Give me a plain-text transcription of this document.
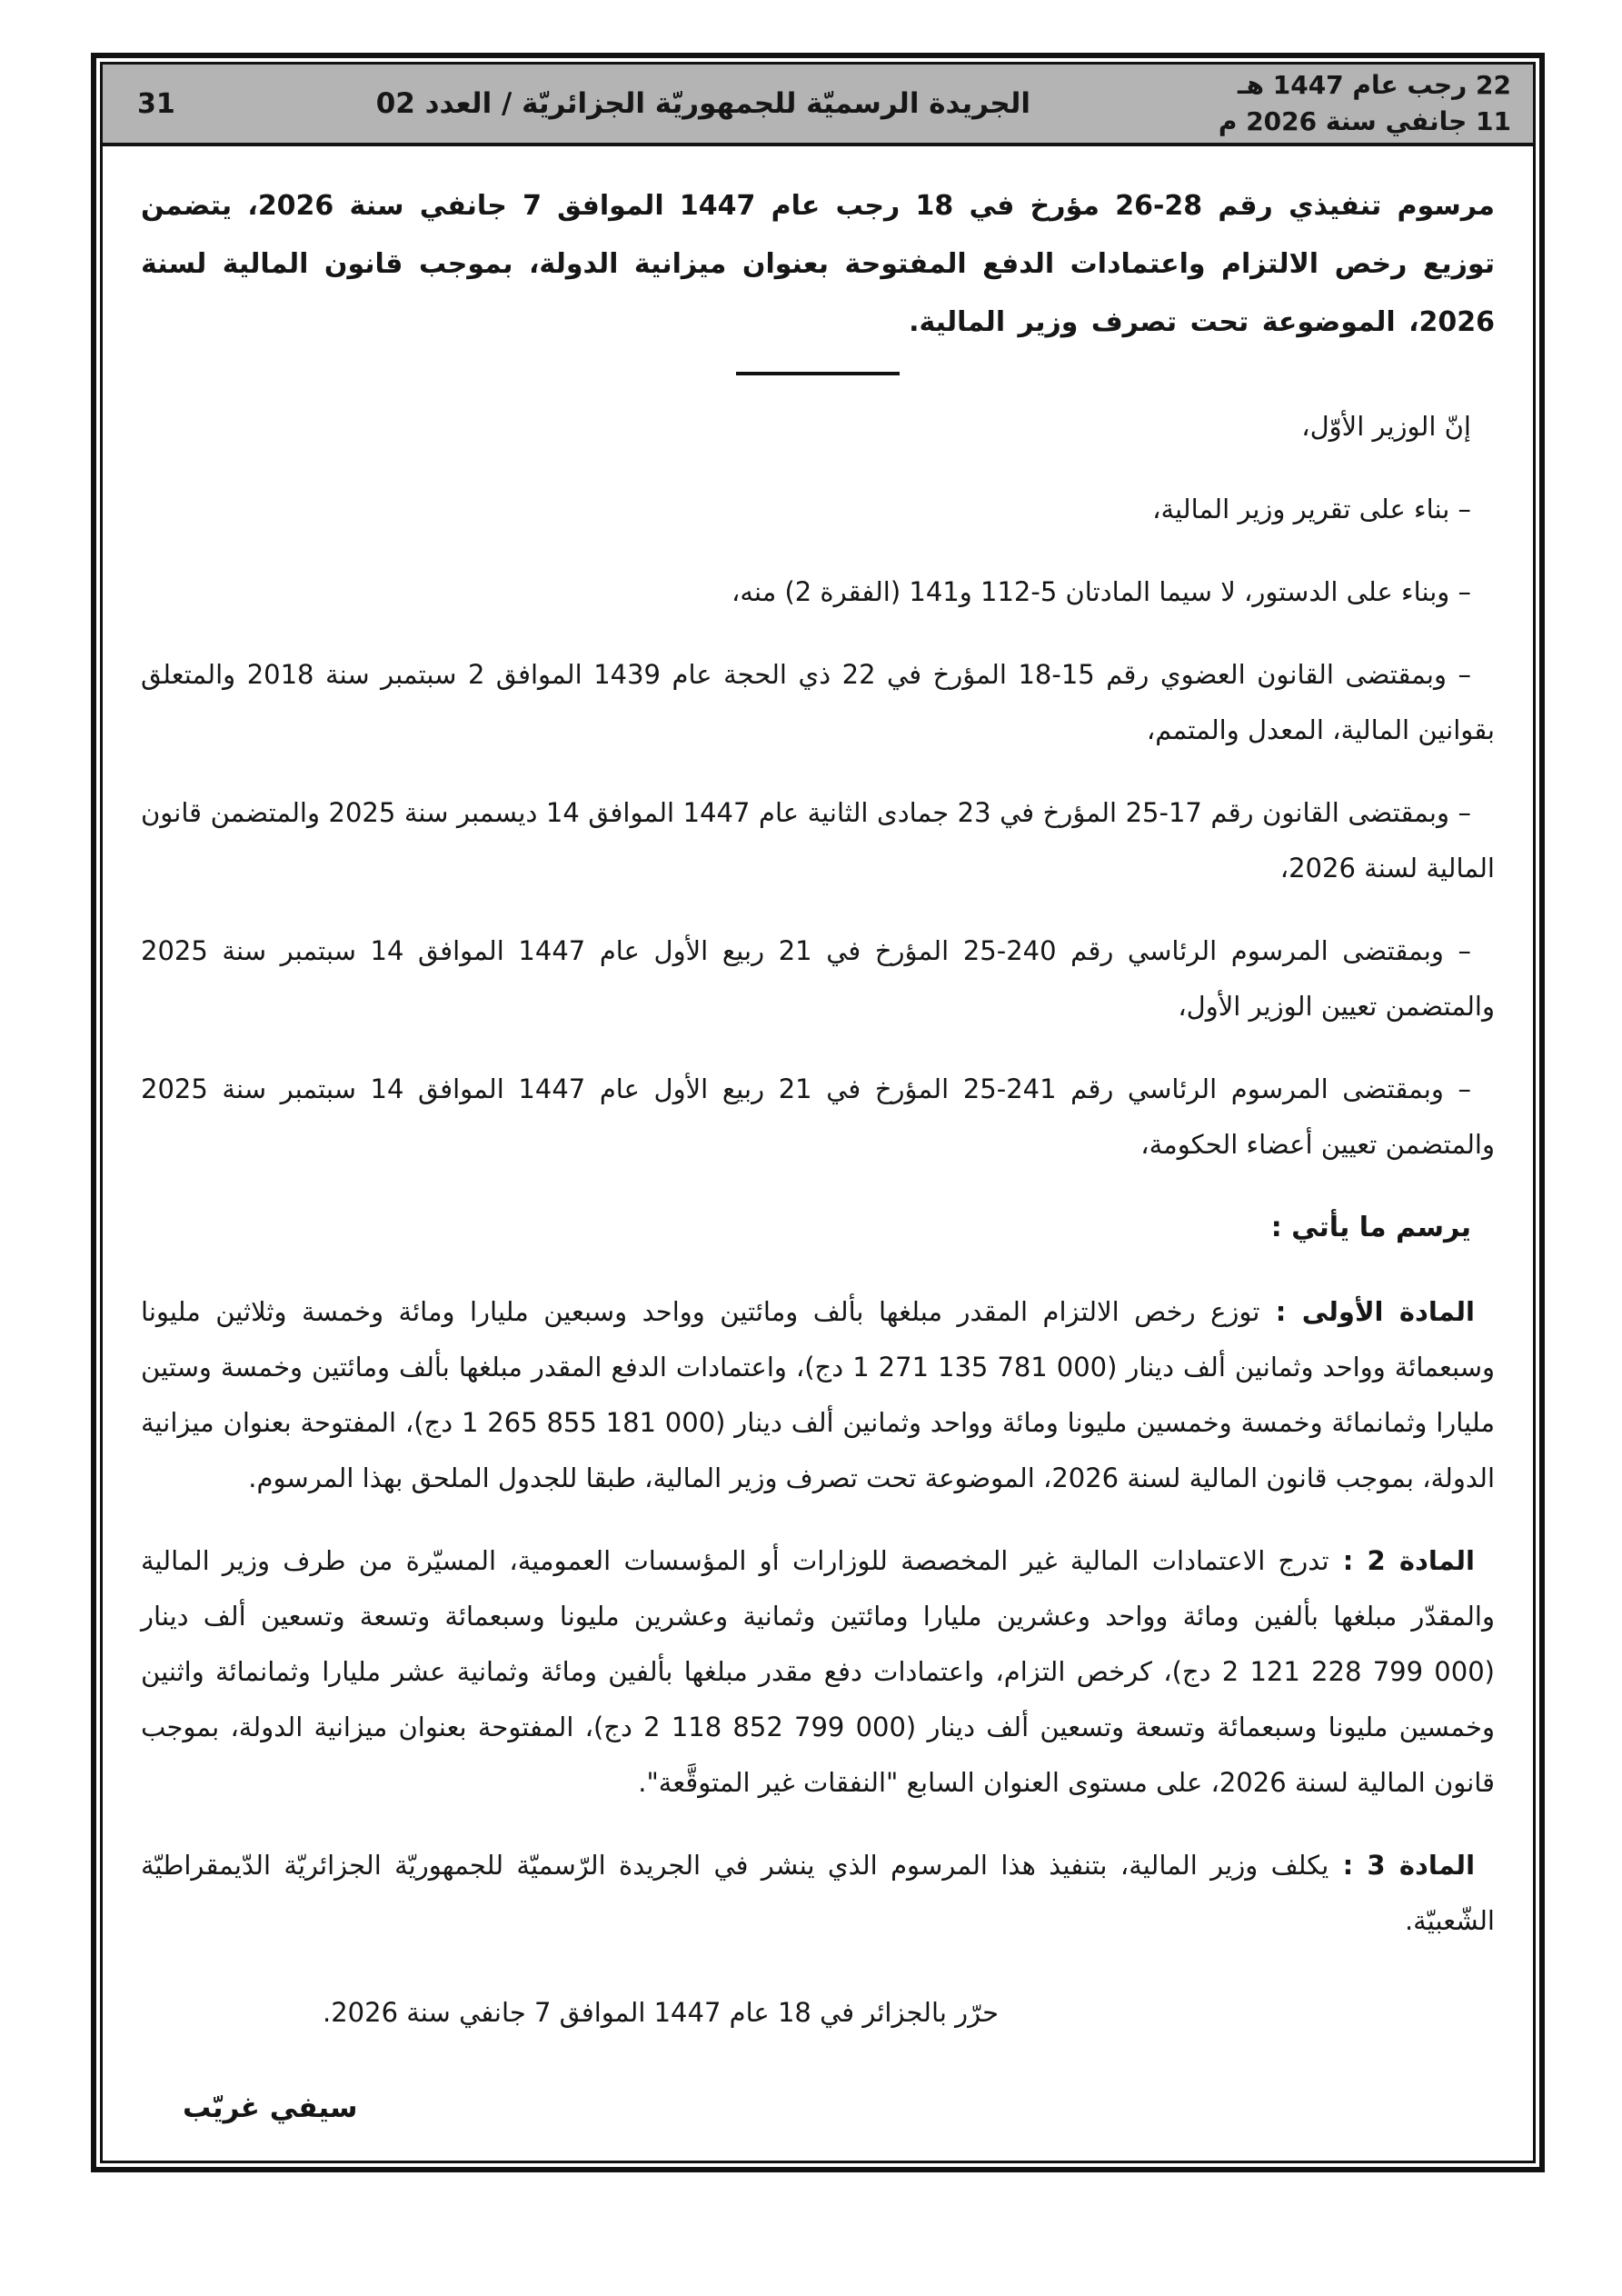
22 رجب عام 1447 هـ
11 جانفي سنة 2026 م
الجريدة الرسميّة للجمهوريّة الجزائريّة / العدد 02
31

مرسوم تنفيذي رقم 28-26 مؤرخ في 18 رجب عام 1447 الموافق 7 جانفي سنة 2026، يتضمن توزيع رخص الالتزام واعتمادات الدفع المفتوحة بعنوان ميزانية الدولة، بموجب قانون المالية لسنة 2026، الموضوعة تحت تصرف وزير المالية.

إنّ الوزير الأوّل،

– بناء على تقرير وزير المالية،

– وبناء على الدستور، لا سيما المادتان 5-112 و141 (الفقرة 2) منه،

– وبمقتضى القانون العضوي رقم 15-18 المؤرخ في 22 ذي الحجة عام 1439 الموافق 2 سبتمبر سنة 2018 والمتعلق بقوانين المالية، المعدل والمتمم،

– وبمقتضى القانون رقم 17-25 المؤرخ في 23 جمادى الثانية عام 1447 الموافق 14 ديسمبر سنة 2025 والمتضمن قانون المالية لسنة 2026،

– وبمقتضى المرسوم الرئاسي رقم 240-25 المؤرخ في 21 ربيع الأول عام 1447 الموافق 14 سبتمبر سنة 2025 والمتضمن تعيين الوزير الأول،

– وبمقتضى المرسوم الرئاسي رقم 241-25 المؤرخ في 21 ربيع الأول عام 1447 الموافق 14 سبتمبر سنة 2025 والمتضمن تعيين أعضاء الحكومة،

يرسم ما يأتي :

المادة الأولى : توزع رخص الالتزام المقدر مبلغها بألف ومائتين وواحد وسبعين مليارا ومائة وخمسة وثلاثين مليونا وسبعمائة وواحد وثمانين ألف دينار (1 271 135 781 000 دج)، واعتمادات الدفع المقدر مبلغها بألف ومائتين وخمسة وستين مليارا وثمانمائة وخمسة وخمسين مليونا ومائة وواحد وثمانين ألف دينار (1 265 855 181 000 دج)، المفتوحة بعنوان ميزانية الدولة، بموجب قانون المالية لسنة 2026، الموضوعة تحت تصرف وزير المالية، طبقا للجدول الملحق بهذا المرسوم.

المادة 2 : تدرج الاعتمادات المالية غير المخصصة للوزارات أو المؤسسات العمومية، المسيّرة من طرف وزير المالية والمقدّر مبلغها بألفين ومائة وواحد وعشرين مليارا ومائتين وثمانية وعشرين مليونا وسبعمائة وتسعة وتسعين ألف دينار (2 121 228 799 000 دج)، كرخص التزام، واعتمادات دفع مقدر مبلغها بألفين ومائة وثمانية عشر مليارا وثمانمائة واثنين وخمسين مليونا وسبعمائة وتسعة وتسعين ألف دينار (2 118 852 799 000 دج)، المفتوحة بعنوان ميزانية الدولة، بموجب قانون المالية لسنة 2026، على مستوى العنوان السابع "النفقات غير المتوقَّعة".

المادة 3 : يكلف وزير المالية، بتنفيذ هذا المرسوم الذي ينشر في الجريدة الرّسميّة للجمهوريّة الجزائريّة الدّيمقراطيّة الشّعبيّة.

حرّر بالجزائر في 18 عام 1447 الموافق 7 جانفي سنة 2026.

سيفي غريّب
